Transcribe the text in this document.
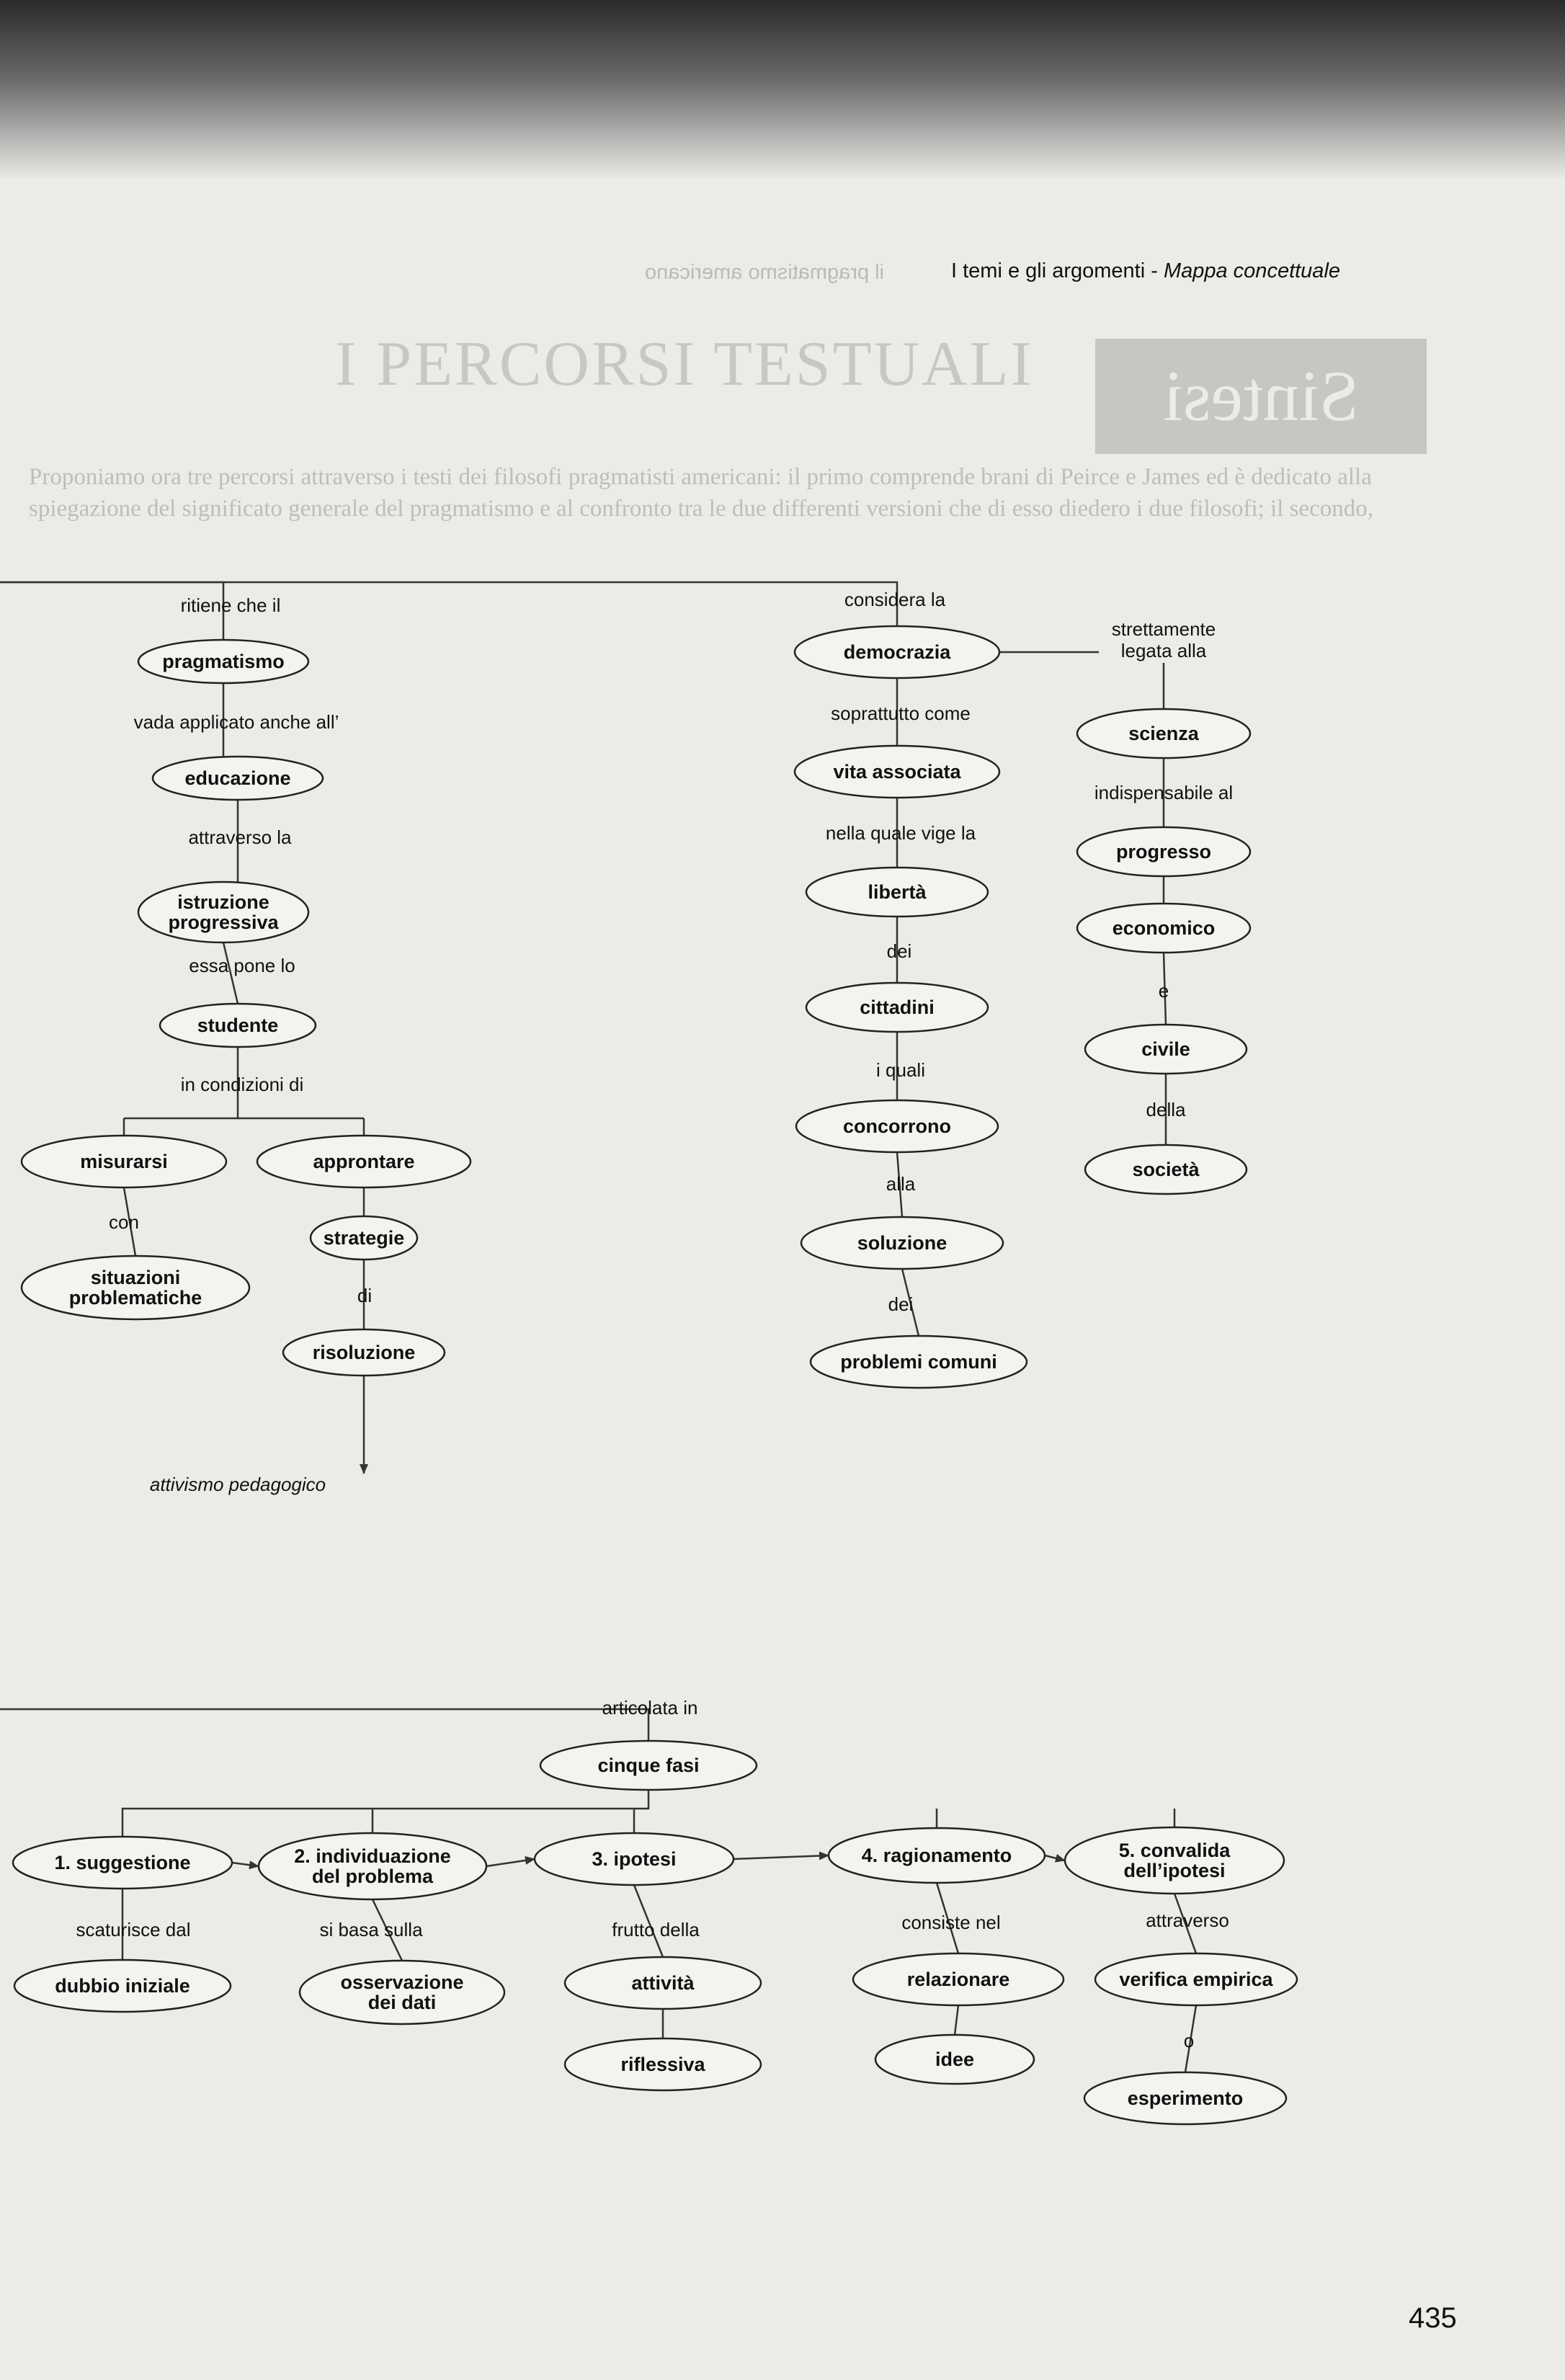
il pragmatismo americano	I temi e gli argomenti - Mappa concettuale
I PERCORSI TESTUALI	Sintesi
Proponiamo ora tre percorsi attraverso i testi dei filosofi pragmatisti americani: il primo comprende brani di Peirce e James ed è dedicato alla spiegazione del significato generale del pragmatismo e al confronto tra le due differenti versioni che di esso diedero i due filosofi; il secondo,
pragmatismo
educazione
istruzione progressiva
studente
misurarsi	approntare
situazioni problematiche
strategie
risoluzione
democrazia
vita associata
libertà
cittadini
concorrono
soluzione
problemi comuni
scienza
progresso
economico
civile
società
cinque fasi
1. suggestione	2. individuazione del problema
3. ipotesi	4. ragionamento	5. convalida dell’ipotesi
dubbio iniziale	osservazione dei dati
attività
riflessiva
relazionare
idee
verifica empirica
esperimento
ritiene che il
vada applicato anche all’
attraverso la
essa pone lo
in condizioni di
con
di
attivismo pedagogico
considera la
strettamente legata alla
soprattutto come
indispensabile al
nella quale vige la
dei
e
i quali
della
alla
dei
articolata in
scaturisce dal	si basa sulla	frutto della	consiste nel	attraverso
o
435
